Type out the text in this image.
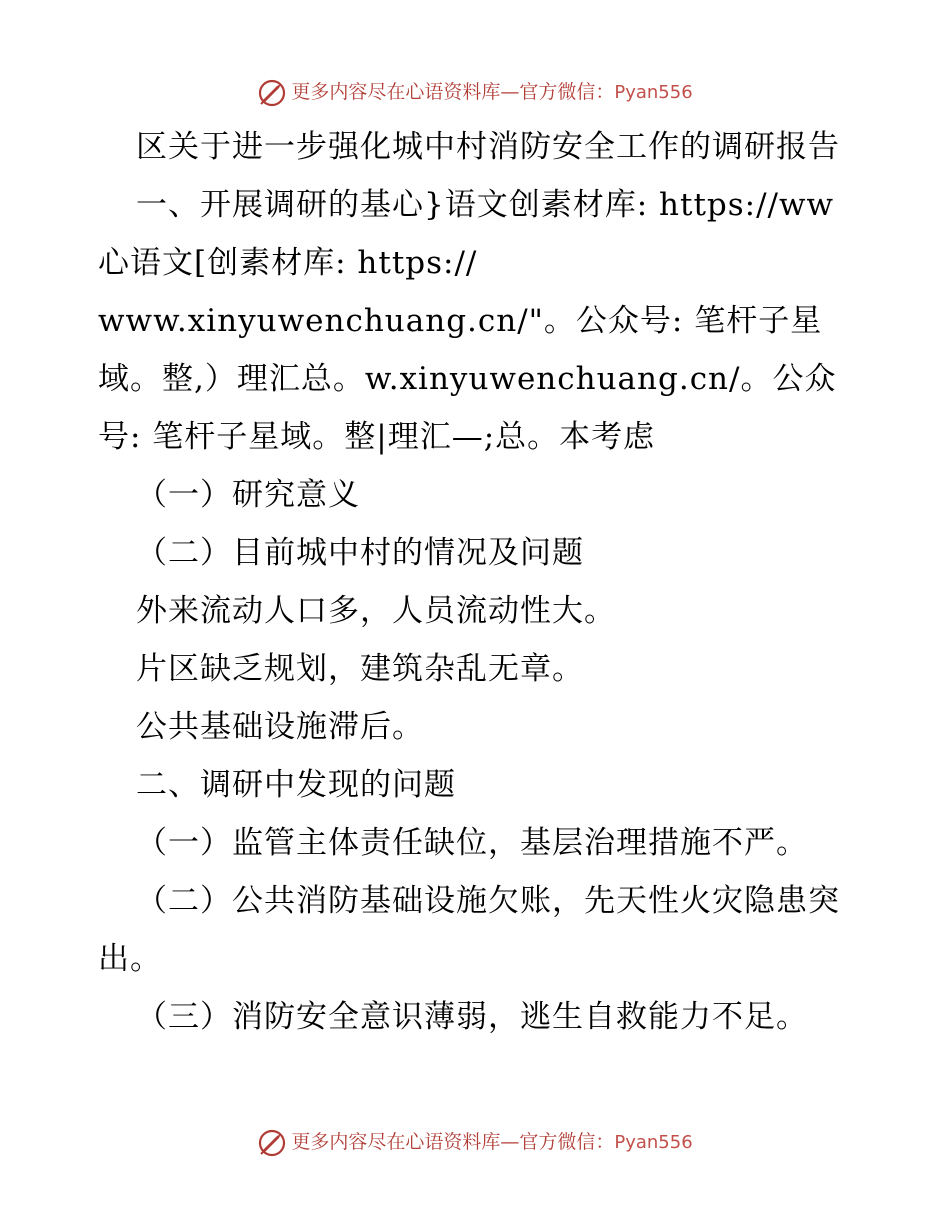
更多内容尽在心语资料库—官方微信：Pyan556

区关于进一步强化城中村消防安全工作的调研报告

一、开展调研的基心}语文创素材库: https://ww心语文[创素材库: https://

www.xinyuwenchuang.cn/"。公众号: 笔杆子星

域。整,）理汇总。w.xinyuwenchuang.cn/。公众号: 笔杆子星域。整|理汇—;总。本考虑

（一）研究意义

（二）目前城中村的情况及问题

外来流动人口多，人员流动性大。

片区缺乏规划，建筑杂乱无章。

公共基础设施滞后。

二、调研中发现的问题

（一）监管主体责任缺位，基层治理措施不严。

（二）公共消防基础设施欠账，先天性火灾隐患突出。

（三）消防安全意识薄弱，逃生自救能力不足。

更多内容尽在心语资料库—官方微信：Pyan556
